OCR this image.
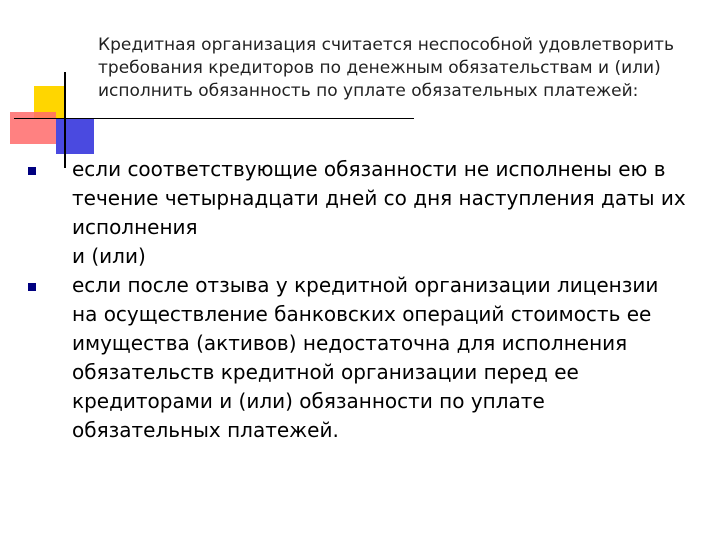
Кредитная организация считается неспособной удовлетворить требования кредиторов по денежным обязательствам и (или) исполнить обязанность по уплате обязательных платежей:

если соответствующие обязанности не исполнены ею в течение четырнадцати дней со дня наступления даты их исполнения
и (или)
если после отзыва у кредитной организации лицензии на осуществление банковских операций стоимость ее имущества (активов) недостаточна для исполнения обязательств кредитной организации перед ее кредиторами и (или) обязанности по уплате обязательных платежей.
